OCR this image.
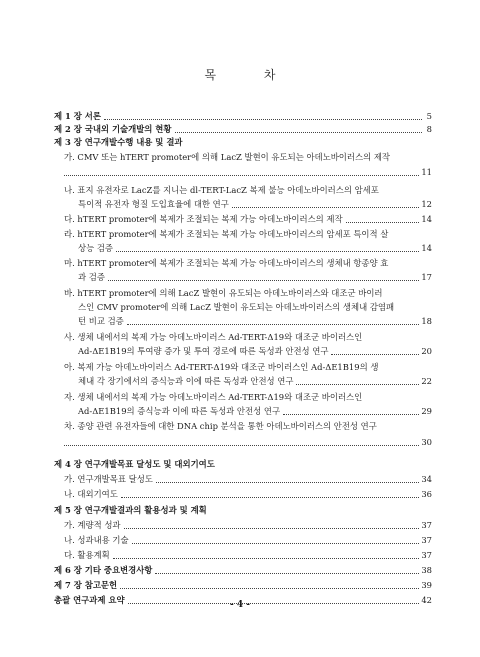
목 차
제 1 장 서론	5
제 2 장 국내외 기술개발의 현황	8
제 3 장 연구개발수행 내용 및 결과
가. CMV 또는 hTERT promoter에 의해 LacZ 발현이 유도되는 아데노바이러스의 제작
11
나. 표지 유전자로 LacZ를 지니는 dl-TERT-LacZ 복제 불능 아데노바이러스의 암세포
특이적 유전자 형질 도입효율에 대한 연구	12
다. hTERT promoter에 복제가 조절되는 복제 가능 아데노바이러스의 제작	14
라. hTERT promoter에 복제가 조절되는 복제 가능 아데노바이러스의 암세포 특이적 살
상능 검증	14
마. hTERT promoter에 복제가 조절되는 복제 가능 아데노바이러스의 생체내 항종양 효
과 검증	17
바. hTERT promoter에 의해 LacZ 발현이 유도되는 아데노바이러스와 대조군 바이러
스인 CMV promoter에 의해 LacZ 발현이 유도되는 아데노바이러스의 생체내 감염패
턴 비교 검증	18
사. 생체 내에서의 복제 가능 아데노바이러스 Ad-TERT-Δ19와 대조군 바이러스인
Ad-ΔE1B19의 투여량 증가 및 투여 경로에 따른 독성과 안전성 연구	20
아. 복제 가능 아데노바이러스 Ad-TERT-Δ19와 대조군 바이러스인 Ad-ΔE1B19의 생
체내 각 장기에서의 증식능과 이에 따른 독성과 안전성 연구	22
자. 생체 내에서의 복제 가능 아데노바이러스 Ad-TERT-Δ19와 대조군 바이러스인
Ad-ΔE1B19의 증식능과 이에 따른 독성과 안전성 연구	29
차. 종양 관련 유전자들에 대한 DNA chip 분석을 통한 아데노바이러스의 안전성 연구
30
제 4 장 연구개발목표 달성도 및 대외기여도
가. 연구개발목표 달성도	34
나. 대외기여도	36
제 5 장 연구개발결과의 활용성과 및 계획
가. 계량적 성과	37
나. 성과내용 기술	37
다. 활용계획	37
제 6 장 기타 중요변경사항	38
제 7 장 참고문헌	39
총괄 연구과제 요약	42
- 4 -
